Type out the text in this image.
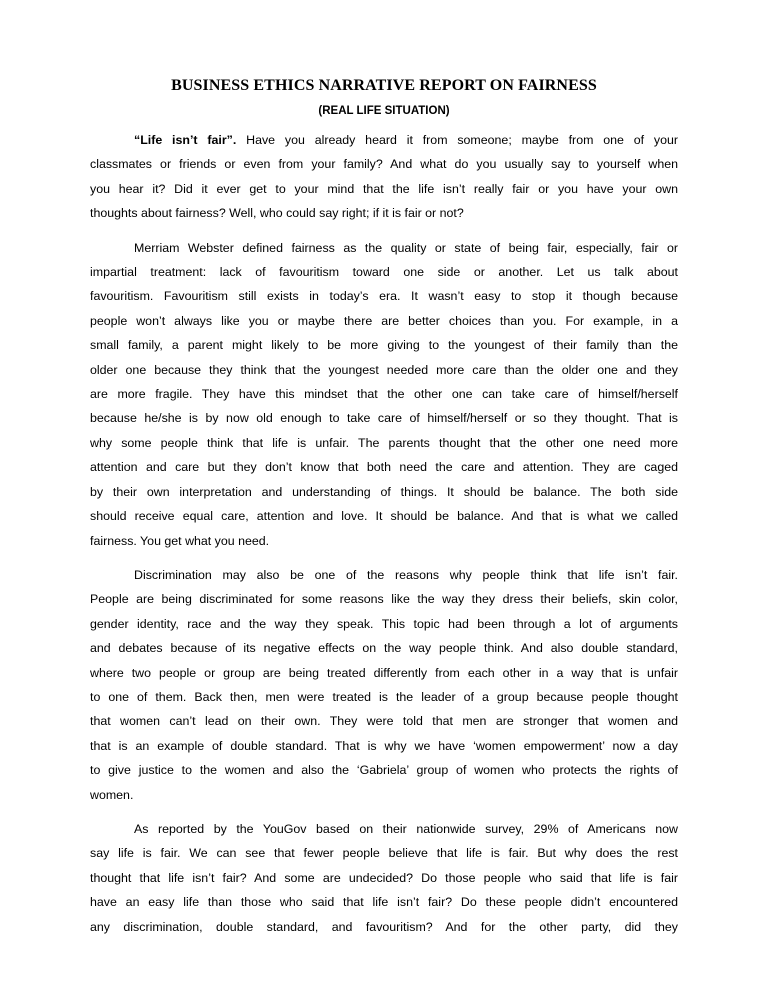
BUSINESS ETHICS NARRATIVE REPORT ON FAIRNESS
(REAL LIFE SITUATION)
“Life isn’t fair”. Have you already heard it from someone; maybe from one of your
classmates or friends or even from your family? And what do you usually say to yourself when
you hear it? Did it ever get to your mind that the life isn’t really fair or you have your own
thoughts about fairness? Well, who could say right; if it is fair or not?
Merriam Webster defined fairness as the quality or state of being fair, especially, fair or
impartial treatment: lack of favouritism toward one side or another. Let us talk about
favouritism. Favouritism still exists in today’s era. It wasn’t easy to stop it though because
people won’t always like you or maybe there are better choices than you. For example, in a
small family, a parent might likely to be more giving to the youngest of their family than the
older one because they think that the youngest needed more care than the older one and they
are more fragile. They have this mindset that the other one can take care of himself/herself
because he/she is by now old enough to take care of himself/herself or so they thought. That is
why some people think that life is unfair. The parents thought that the other one need more
attention and care but they don’t know that both need the care and attention. They are caged
by their own interpretation and understanding of things. It should be balance. The both side
should receive equal care, attention and love. It should be balance. And that is what we called
fairness. You get what you need.
Discrimination may also be one of the reasons why people think that life isn’t fair.
People are being discriminated for some reasons like the way they dress their beliefs, skin color,
gender identity, race and the way they speak. This topic had been through a lot of arguments
and debates because of its negative effects on the way people think. And also double standard,
where two people or group are being treated differently from each other in a way that is unfair
to one of them. Back then, men were treated is the leader of a group because people thought
that women can’t lead on their own. They were told that men are stronger that women and
that is an example of double standard. That is why we have ‘women empowerment’ now a day
to give justice to the women and also the ‘Gabriela’ group of women who protects the rights of
women.
As reported by the YouGov based on their nationwide survey, 29% of Americans now
say life is fair. We can see that fewer people believe that life is fair. But why does the rest
thought that life isn’t fair? And some are undecided? Do those people who said that life is fair
have an easy life than those who said that life isn’t fair? Do these people didn’t encountered
any discrimination, double standard, and favouritism? And for the other party, did they
